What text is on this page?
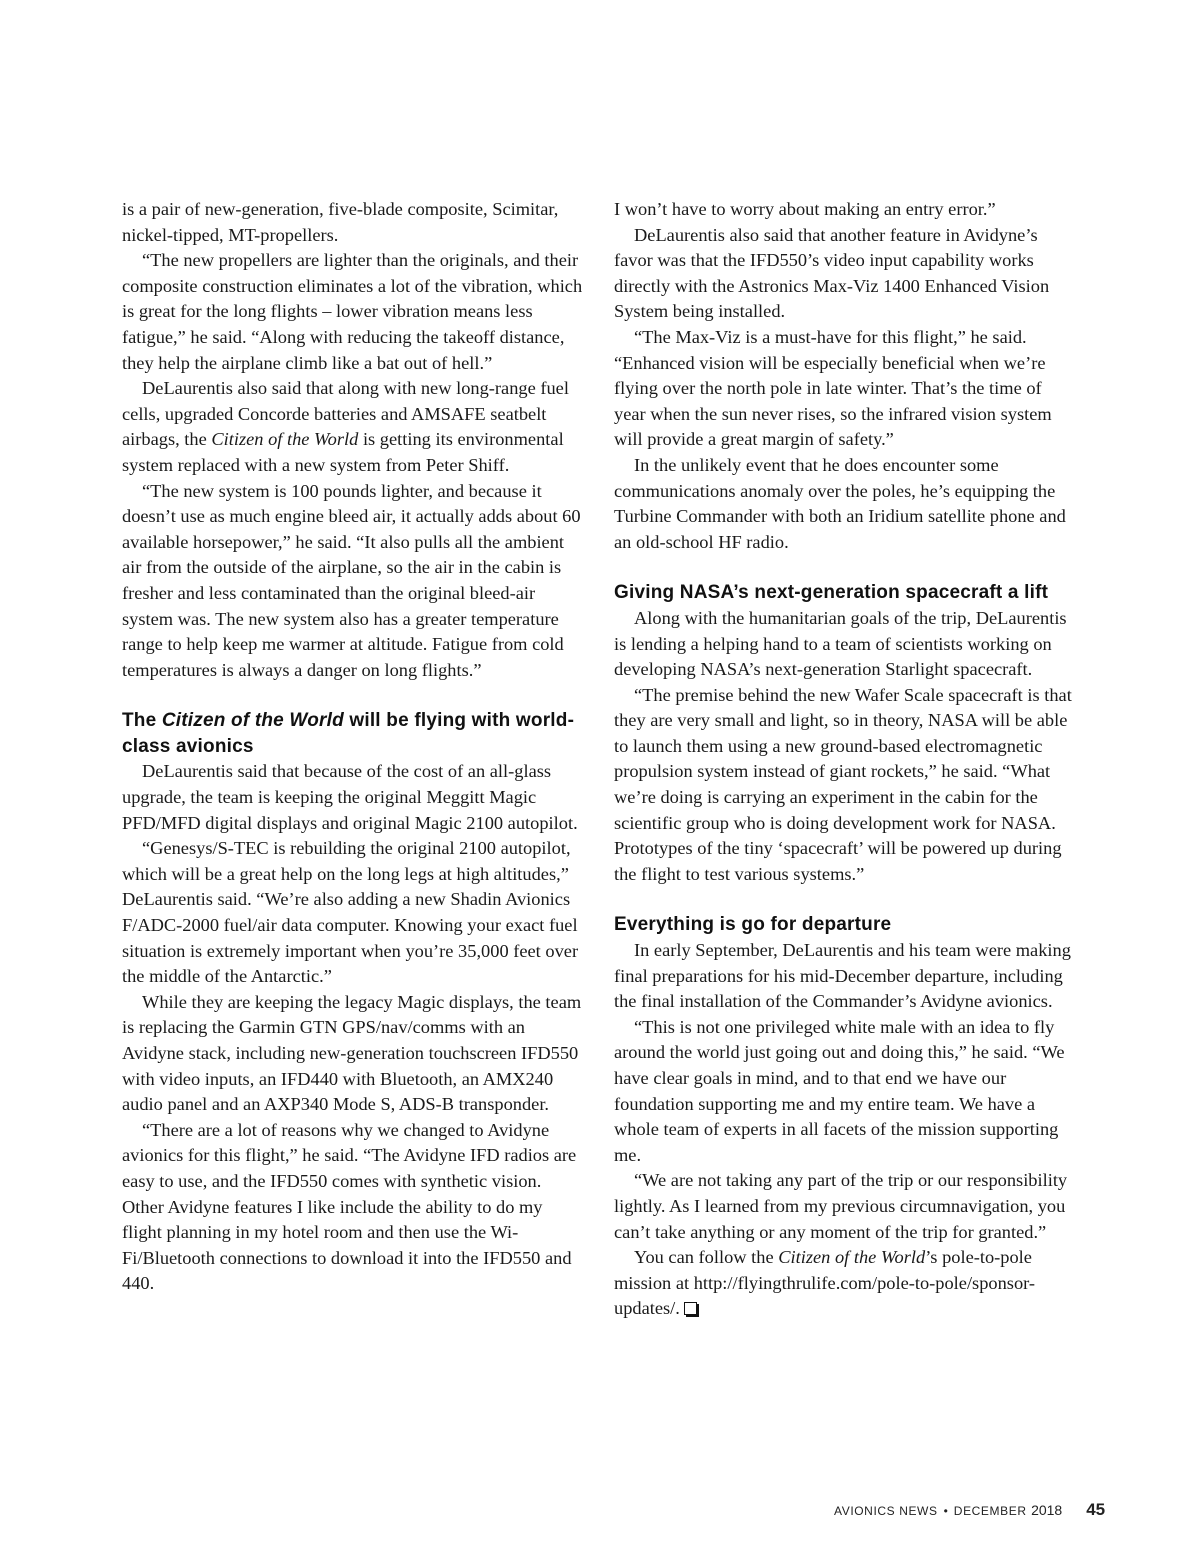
is a pair of new-generation, five-blade composite, Scimitar, nickel-tipped, MT-propellers.

“The new propellers are lighter than the originals, and their composite construction eliminates a lot of the vibration, which is great for the long flights – lower vibration means less fatigue,” he said. “Along with reducing the takeoff distance, they help the airplane climb like a bat out of hell.”

DeLaurentis also said that along with new long-range fuel cells, upgraded Concorde batteries and AMSAFE seatbelt airbags, the Citizen of the World is getting its environmental system replaced with a new system from Peter Shiff.

“The new system is 100 pounds lighter, and because it doesn’t use as much engine bleed air, it actually adds about 60 available horsepower,” he said. “It also pulls all the ambient air from the outside of the airplane, so the air in the cabin is fresher and less contaminated than the original bleed-air system was. The new system also has a greater temperature range to help keep me warmer at altitude. Fatigue from cold temperatures is always a danger on long flights.”

The Citizen of the World will be flying with world-class avionics

DeLaurentis said that because of the cost of an all-glass upgrade, the team is keeping the original Meggitt Magic PFD/MFD digital displays and original Magic 2100 autopilot.

“Genesys/S-TEC is rebuilding the original 2100 autopilot, which will be a great help on the long legs at high altitudes,” DeLaurentis said. “We’re also adding a new Shadin Avionics F/ADC-2000 fuel/air data computer. Knowing your exact fuel situation is extremely important when you’re 35,000 feet over the middle of the Antarctic.”

While they are keeping the legacy Magic displays, the team is replacing the Garmin GTN GPS/nav/comms with an Avidyne stack, including new-generation touchscreen IFD550 with video inputs, an IFD440 with Bluetooth, an AMX240 audio panel and an AXP340 Mode S, ADS-B transponder.

“There are a lot of reasons why we changed to Avidyne avionics for this flight,” he said. “The Avidyne IFD radios are easy to use, and the IFD550 comes with synthetic vision. Other Avidyne features I like include the ability to do my flight planning in my hotel room and then use the Wi-Fi/Bluetooth connections to download it into the IFD550 and 440.

I won’t have to worry about making an entry error.”

DeLaurentis also said that another feature in Avidyne’s favor was that the IFD550’s video input capability works directly with the Astronics Max-Viz 1400 Enhanced Vision System being installed.

“The Max-Viz is a must-have for this flight,” he said. “Enhanced vision will be especially beneficial when we’re flying over the north pole in late winter. That’s the time of year when the sun never rises, so the infrared vision system will provide a great margin of safety.”

In the unlikely event that he does encounter some communications anomaly over the poles, he’s equipping the Turbine Commander with both an Iridium satellite phone and an old-school HF radio.

Giving NASA’s next-generation spacecraft a lift

Along with the humanitarian goals of the trip, DeLaurentis is lending a helping hand to a team of scientists working on developing NASA’s next-generation Starlight spacecraft.

“The premise behind the new Wafer Scale spacecraft is that they are very small and light, so in theory, NASA will be able to launch them using a new ground-based electromagnetic propulsion system instead of giant rockets,” he said. “What we’re doing is carrying an experiment in the cabin for the scientific group who is doing development work for NASA. Prototypes of the tiny ‘spacecraft’ will be powered up during the flight to test various systems.”

Everything is go for departure

In early September, DeLaurentis and his team were making final preparations for his mid-December departure, including the final installation of the Commander’s Avidyne avionics.

“This is not one privileged white male with an idea to fly around the world just going out and doing this,” he said. “We have clear goals in mind, and to that end we have our foundation supporting me and my entire team. We have a whole team of experts in all facets of the mission supporting me.

“We are not taking any part of the trip or our responsibility lightly. As I learned from my previous circumnavigation, you can’t take anything or any moment of the trip for granted.”

You can follow the Citizen of the World’s pole-to-pole mission at http://flyingthrulife.com/pole-to-pole/sponsor-updates/.

AVIONICS NEWS • DECEMBER 2018 45
